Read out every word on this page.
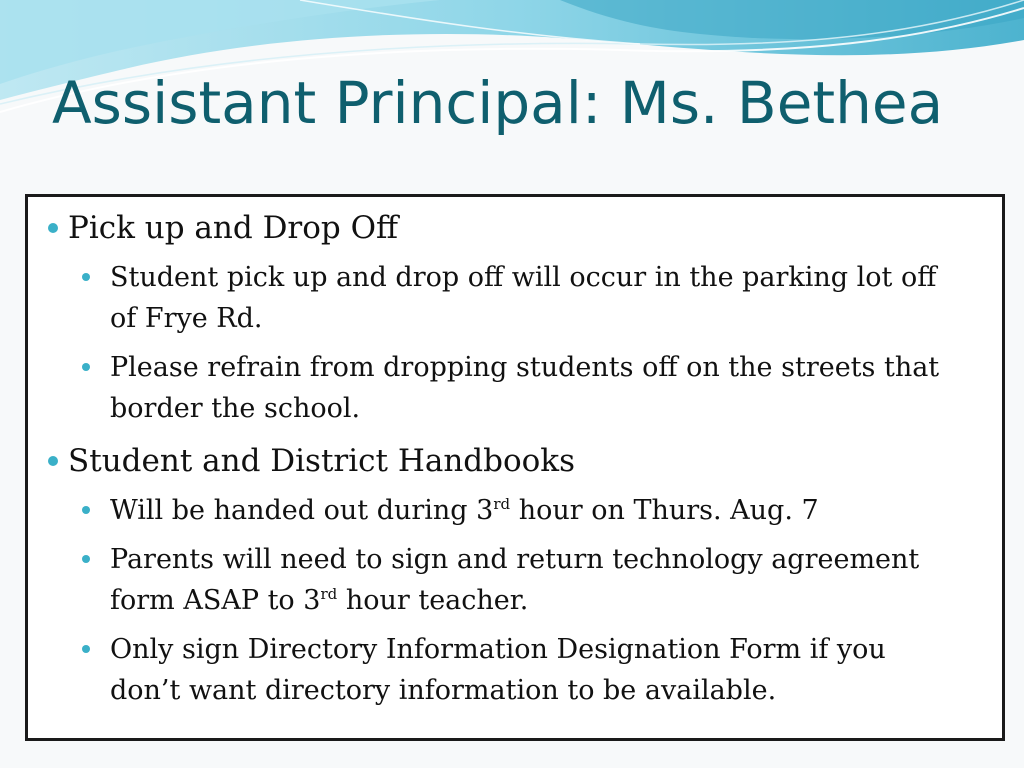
Assistant Principal: Ms. Bethea
Pick up and Drop Off
Student pick up and drop off will occur in the parking lot off
of Frye Rd.
Please refrain from dropping students off on the streets that
border the school.
Student and District Handbooks
Will be handed out during 3rd hour on Thurs. Aug. 7
Parents will need to sign and return technology agreement
form ASAP to 3rd hour teacher.
Only sign Directory Information Designation Form if you
don’t want directory information to be available.
